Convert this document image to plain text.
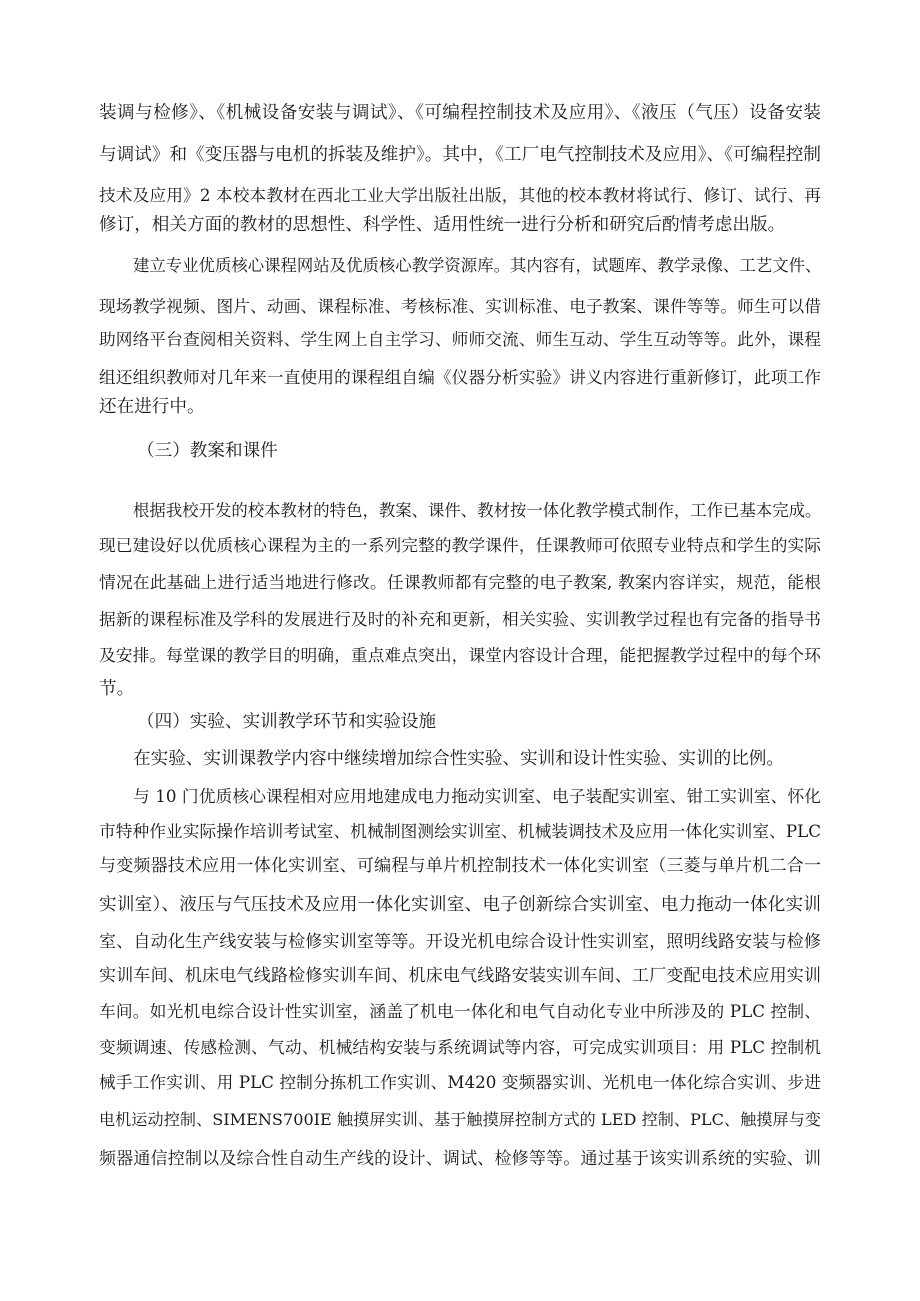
装调与检修》、《机械设备安装与调试》、《可编程控制技术及应用》、《液压（气压）设备安装
与调试》和《变压器与电机的拆装及维护》。其中，《工厂电气控制技术及应用》、《可编程控制
技术及应用》2 本校本教材在西北工业大学出版社出版，其他的校本教材将试行、修订、试行、再
修订，相关方面的教材的思想性、科学性、适用性统一进行分析和研究后酌情考虑出版。
建立专业优质核心课程网站及优质核心教学资源库。其内容有，试题库、教学录像、工艺文件、
现场教学视频、图片、动画、课程标准、考核标准、实训标准、电子教案、课件等等。师生可以借
助网络平台查阅相关资料、学生网上自主学习、师师交流、师生互动、学生互动等等。此外，课程
组还组织教师对几年来一直使用的课程组自编《仪器分析实验》讲义内容进行重新修订，此项工作
还在进行中。
（三）教案和课件
根据我校开发的校本教材的特色，教案、课件、教材按一体化教学模式制作，工作已基本完成。
现已建设好以优质核心课程为主的一系列完整的教学课件，任课教师可依照专业特点和学生的实际
情况在此基础上进行适当地进行修改。任课教师都有完整的电子教案, 教案内容详实，规范，能根
据新的课程标准及学科的发展进行及时的补充和更新，相关实验、实训教学过程也有完备的指导书
及安排。每堂课的教学目的明确，重点难点突出，课堂内容设计合理，能把握教学过程中的每个环
节。
（四）实验、实训教学环节和实验设施
在实验、实训课教学内容中继续增加综合性实验、实训和设计性实验、实训的比例。
与 10 门优质核心课程相对应用地建成电力拖动实训室、电子装配实训室、钳工实训室、怀化
市特种作业实际操作培训考试室、机械制图测绘实训室、机械装调技术及应用一体化实训室、PLC
与变频器技术应用一体化实训室、可编程与单片机控制技术一体化实训室（三菱与单片机二合一
实训室）、液压与气压技术及应用一体化实训室、电子创新综合实训室、电力拖动一体化实训
室、自动化生产线安装与检修实训室等等。开设光机电综合设计性实训室，照明线路安装与检修
实训车间、机床电气线路检修实训车间、机床电气线路安装实训车间、工厂变配电技术应用实训
车间。如光机电综合设计性实训室，涵盖了机电一体化和电气自动化专业中所涉及的 PLC 控制、
变频调速、传感检测、气动、机械结构安装与系统调试等内容，可完成实训项目：用 PLC 控制机
械手工作实训、用 PLC 控制分拣机工作实训、M420 变频器实训、光机电一体化综合实训、步进
电机运动控制、SIMENS700IE 触摸屏实训、基于触摸屏控制方式的 LED 控制、PLC、触摸屏与变
频器通信控制以及综合性自动生产线的设计、调试、检修等等。通过基于该实训系统的实验、训
